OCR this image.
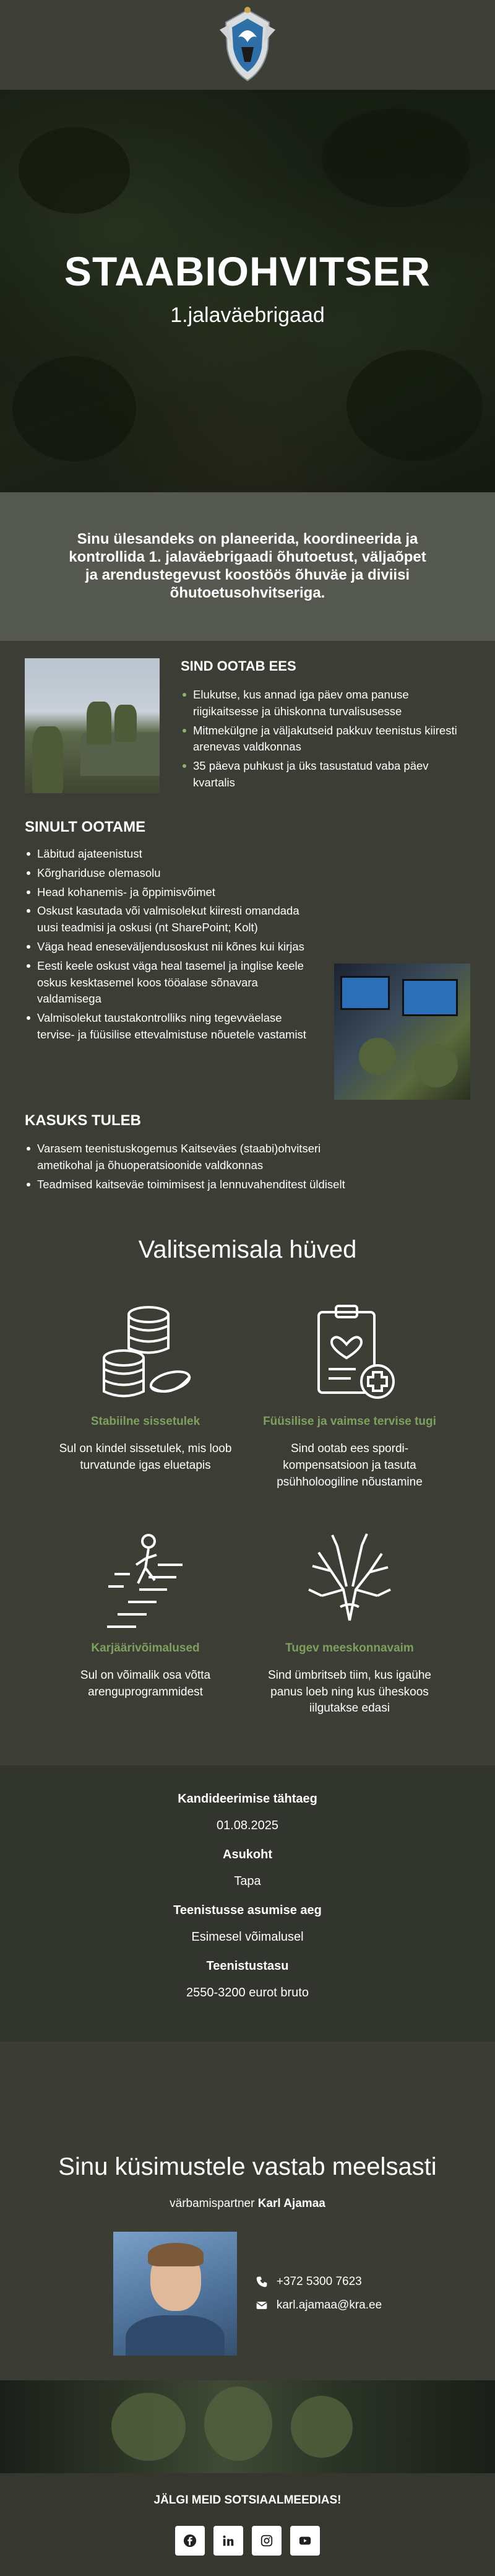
STAABIOHVITSER
1.jalaväebrigaad

Sinu ülesandeks on planeerida, koordineerida ja kontrollida 1. jalaväebrigaadi õhutoetust, väljaõpet ja arendustegevust koostöös õhuväe ja diviisi õhutoetusohvitseriga.

SIND OOTAB EES
Elukutse, kus annad iga päev oma panuse riigikaitsesse ja ühiskonna turvalisusesse
Mitmekülgne ja väljakutseid pakkuv teenistus kiiresti arenevas valdkonnas
35 päeva puhkust ja üks tasustatud vaba päev kvartalis
SINULT OOTAME
Läbitud ajateenistust
Kõrghariduse olemasolu
Head kohanemis- ja õppimisvõimet
Oskust kasutada või valmisolekut kiiresti omandada uusi teadmisi ja oskusi (nt SharePoint; Kolt)
Väga head eneseväljendusoskust nii kõnes kui kirjas
Eesti keele oskust väga heal tasemel ja inglise keele oskus kesktasemel koos tööalase sõnavara valdamisega
Valmisolekut taustakontrolliks ning tegevväelase tervise- ja füüsilise ettevalmistuse nõuetele vastamist
KASUKS TULEB
Varasem teenistuskogemus Kaitseväes (staabi)ohvitseri ametikohal ja õhuoperatsioonide valdkonnas
Teadmised kaitseväe toimimisest ja lennuvahenditest üldiselt
Valitsemisala hüved
Stabiilne sissetulek
Sul on kindel sissetulek, mis loob turvatunde igas eluetapis
Füüsilise ja vaimse tervise tugi
Sind ootab ees spordi-kompensatsioon ja tasuta psühholoogiline nõustamine
Karjäärivõimalused
Sul on võimalik osa võtta arenguprogrammidest
Tugev meeskonnavaim
Sind ümbritseb tiim, kus igaühe panus loeb ning kus üheskoos iilgutakse edasi
Kandideerimise tähtaeg
01.08.2025
Asukoht
Tapa
Teenistusse asumise aeg
Esimesel võimalusel
Teenistustasu
2550-3200 eurot bruto
Sinu küsimustele vastab meelsasti
värbamispartner Karl Ajamaa
+372 5300 7623
karl.ajamaa@kra.ee
JÄLGI MEID SOTSIAALMEEDIAS!
